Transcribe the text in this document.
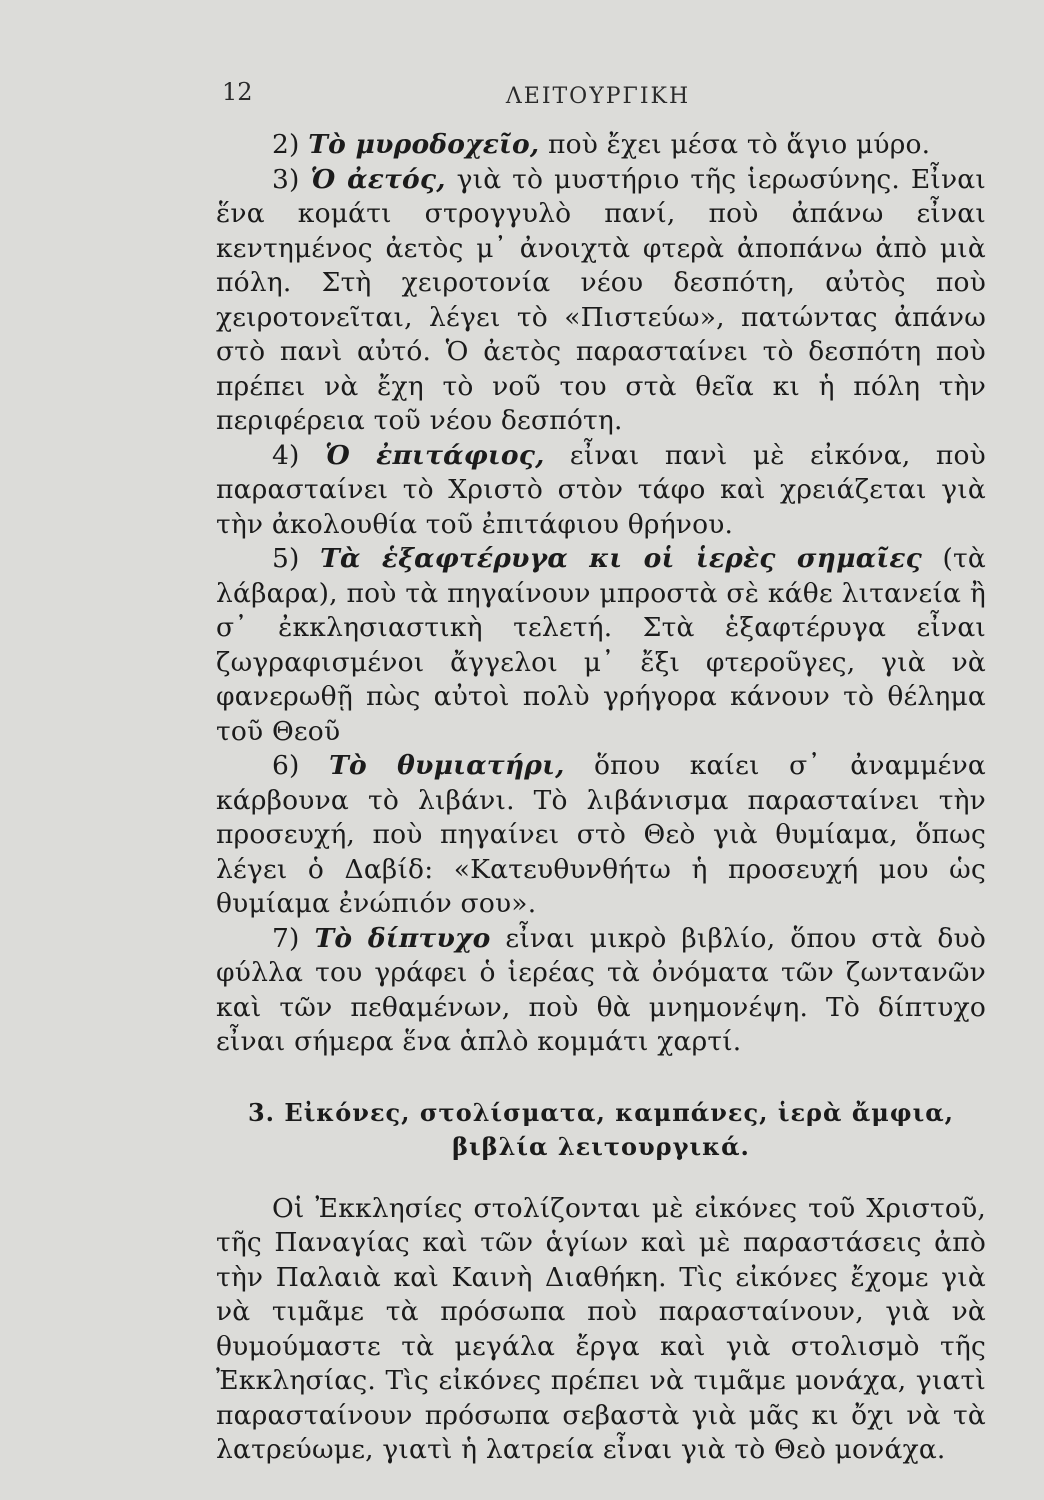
12	ΛΕΙΤΟΥΡΓΙΚΗ

2) Τὸ μυροδοχεῖο, ποὺ ἔχει μέσα τὸ ἅγιο μύρο.

3) Ὁ ἀετός, γιὰ τὸ μυστήριο τῆς ἱερωσύνης. Εἶναι ἕνα κομάτι στρογγυλὸ πανί, ποὺ ἀπάνω εἶναι κεντημένος ἀετὸς μ᾽ ἀνοιχτὰ φτερὰ ἀποπάνω ἀπὸ μιὰ πόλη. Στὴ χειροτονία νέου δεσπότη, αὐτὸς ποὺ χειροτονεῖται, λέγει τὸ «Πιστεύω», πατώντας ἀπάνω στὸ πανὶ αὐτό. Ὁ ἀετὸς παρασταίνει τὸ δεσπότη ποὺ πρέπει νὰ ἔχη τὸ νοῦ του στὰ θεῖα κι ἡ πόλη τὴν περιφέρεια τοῦ νέου δεσπότη.

4) Ὁ ἐπιτάφιος, εἶναι πανὶ μὲ εἰκόνα, ποὺ παρασταίνει τὸ Χριστὸ στὸν τάφο καὶ χρειάζεται γιὰ τὴν ἀκολουθία τοῦ ἐπιτάφιου θρήνου.

5) Τὰ ἑξαφτέρυγα κι οἱ ἱερὲς σημαῖες (τὰ λάβαρα), ποὺ τὰ πηγαίνουν μπροστὰ σὲ κάθε λιτανεία ἢ σ᾽ ἐκκλησιαστικὴ τελετή. Στὰ ἑξαφτέρυγα εἶναι ζωγραφισμένοι ἄγγελοι μ᾽ ἔξι φτεροῦγες, γιὰ νὰ φανερωθῇ πὼς αὐτοὶ πολὺ γρήγορα κάνουν τὸ θέλημα τοῦ Θεοῦ

6) Τὸ θυμιατήρι, ὅπου καίει σ᾽ ἀναμμένα κάρβουνα τὸ λιβάνι. Τὸ λιβάνισμα παρασταίνει τὴν προσευχή, ποὺ πηγαίνει στὸ Θεὸ γιὰ θυμίαμα, ὅπως λέγει ὁ Δαβίδ: «Κατευθυνθήτω ἡ προσευχή μου ὡς θυμίαμα ἐνώπιόν σου».

7) Τὸ δίπτυχο εἶναι μικρὸ βιβλίο, ὅπου στὰ δυὸ φύλλα του γράφει ὁ ἱερέας τὰ ὀνόματα τῶν ζωντανῶν καὶ τῶν πεθαμένων, ποὺ θὰ μνημονέψη. Τὸ δίπτυχο εἶναι σήμερα ἕνα ἁπλὸ κομμάτι χαρτί.

3. Εἰκόνες, στολίσματα, καμπάνες, ἱερὰ ἄμφια,
βιβλία λειτουργικά.

Οἱ Ἐκκλησίες στολίζονται μὲ εἰκόνες τοῦ Χριστοῦ, τῆς Παναγίας καὶ τῶν ἁγίων καὶ μὲ παραστάσεις ἀπὸ τὴν Παλαιὰ καὶ Καινὴ Διαθήκη. Τὶς εἰκόνες ἔχομε γιὰ νὰ τιμᾶμε τὰ πρόσωπα ποὺ παρασταίνουν, γιὰ νὰ θυμούμαστε τὰ μεγάλα ἔργα καὶ γιὰ στολισμὸ τῆς Ἐκκλησίας. Τὶς εἰκόνες πρέπει νὰ τιμᾶμε μονάχα, γιατὶ παρασταίνουν πρόσωπα σεβαστὰ γιὰ μᾶς κι ὄχι νὰ τὰ λατρεύωμε, γιατὶ ἡ λατρεία εἶναι γιὰ τὸ Θεὸ μονάχα.
